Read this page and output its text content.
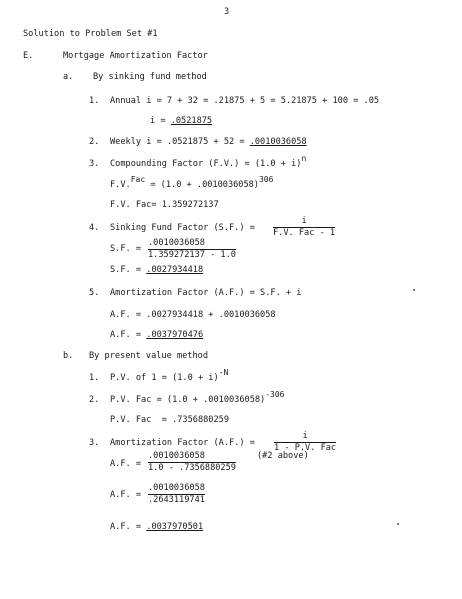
3
Solution to Problem Set #1
E.	Mortgage Amortization Factor
a. By sinking fund method
1. Annual i = 7 + 32 = .21875 + 5 = 5.21875 + 100 = .05
i = .0521875
2. Weekly i = .0521875 + 52 = .0010036058
3. Compounding Factor (F.V.) = (1.0 + i)n
F.V.Fac = (1.0 + .0010036058)306
F.V. Fac= 1.359272137
4. Sinking Fund Factor (S.F.) =
i
F.V. Fac - 1
S.F. = $\frac{.0010036058}{1.359272137 - 1.0}$
S.F. = .0027934418
5. Amortization Factor (A.F.) = S.F. + i
A.F. = .0027934418 + .0010036058
A.F. = .0037970476
b. By present value method
1. P.V. of 1 = (1.0 + i)-N
2. P.V. Fac = (1.0 + .0010036058)-306
P.V. Fac  = .7356880259
3. Amortization Factor (A.F.) =
i
1 - P.V. Fac
A.F. = $\frac{.0010036058}{1.0 - .7356880259}$ (#2 above)
A.F. = $\frac{.0010036058}{.2643119741}$
A.F. = .0037970501
